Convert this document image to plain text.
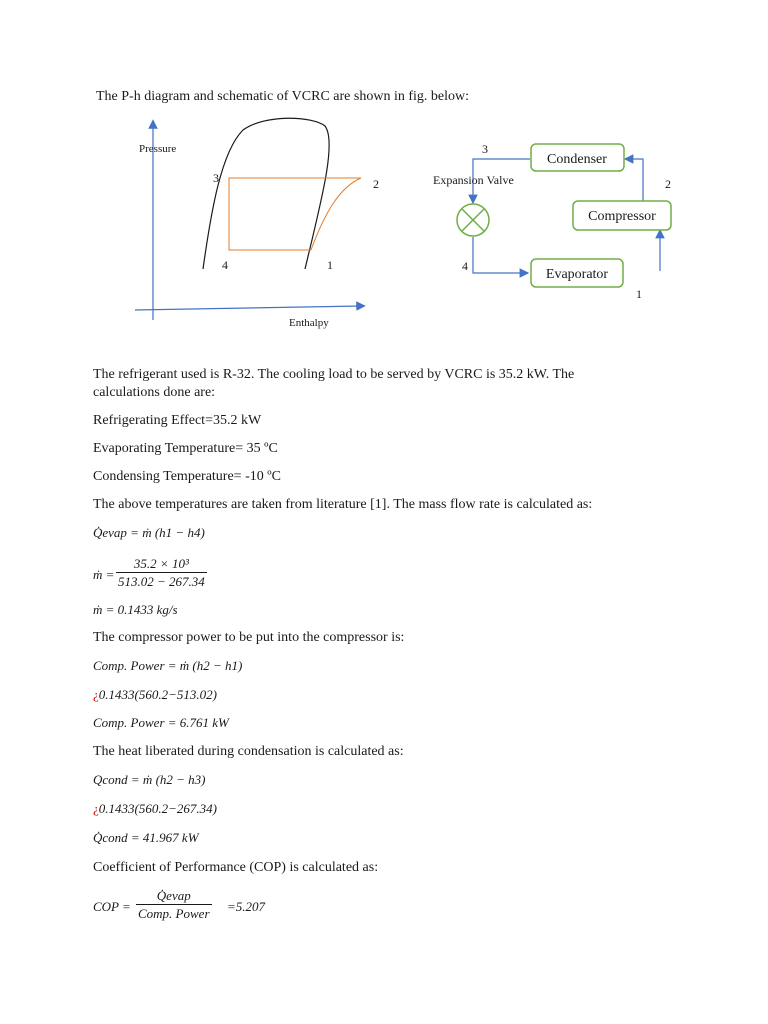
The P-h diagram and schematic of VCRC are shown in fig. below:
3	2
4	1
Pressure
Enthalpy
Condenser
Compressor
Evaporator
Expansion Valve
3
2
4
1
The refrigerant used is R-32. The cooling load to be served by VCRC is 35.2 kW. The
calculations done are:
Refrigerating Effect=35.2 kW
Evaporating Temperature= 35 ºC
Condensing Temperature= -10 ºC
The above temperatures are taken from literature [1]. The mass flow rate is calculated as:
Q̇evap = ṁ (h1 − h4)
ṁ = $\frac{\text{35.2 × 10³}}{513.02 - 267.34}$
ṁ = 0.1433 kg/s
The compressor power to be put into the compressor is:
Comp. Power = ṁ (h2 − h1)
¿0.1433(560.2−513.02)
Comp. Power = 6.761 kW
The heat liberated during condensation is calculated as:
Qcond = ṁ (h2 − h3)
¿0.1433(560.2−267.34)
Q̇cond = 41.967 kW
Coefficient of Performance (COP) is calculated as:
COP =
Q̇evap
Comp. Power =5.207
